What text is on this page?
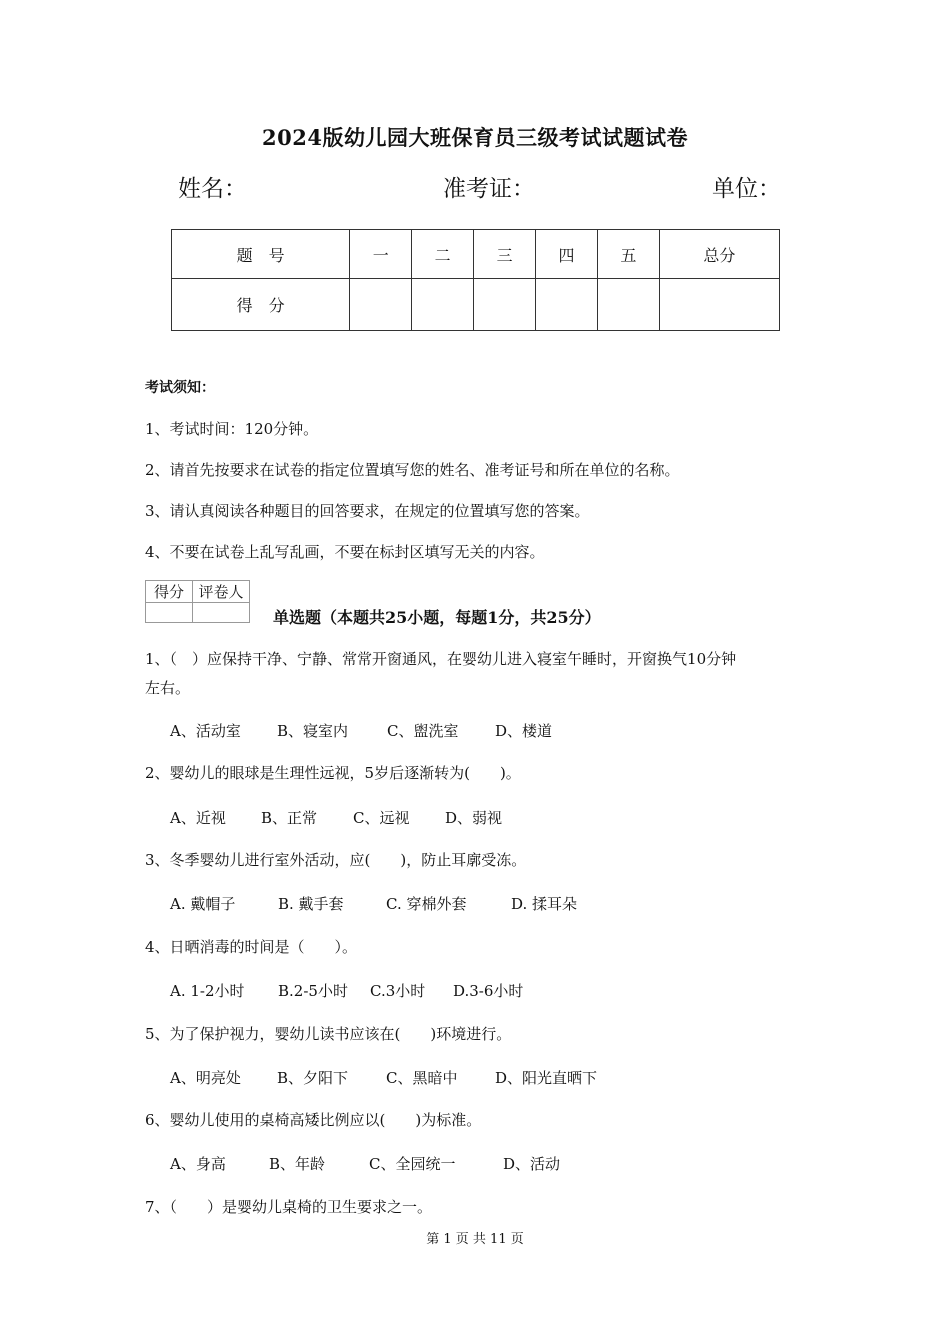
2024版幼儿园大班保育员三级考试试题试卷
姓名：	准考证：	单位：
题　号	一	二	三	四	五	总分
得　分						
考试须知：
1、考试时间：120分钟。
2、请首先按要求在试卷的指定位置填写您的姓名、准考证号和所在单位的名称。
3、请认真阅读各种题目的回答要求，在规定的位置填写您的答案。
4、不要在试卷上乱写乱画，不要在标封区填写无关的内容。
得分	评卷人

单选题（本题共25小题，每题1分，共25分）
1、（　）应保持干净、宁静、常常开窗通风，在婴幼儿进入寝室午睡时，开窗换气10分钟
左右。
A、活动室 B、寝室内	C、盥洗室 D、楼道
2、婴幼儿的眼球是生理性远视，5岁后逐渐转为(　　)。
A、近视 B、正常 C、远视 D、弱视
3、冬季婴幼儿进行室外活动，应(　　)，防止耳廓受冻。
A. 戴帽子	B. 戴手套	C. 穿棉外套	D. 揉耳朵
4、日晒消毒的时间是（　　）。
A. 1-2小时 B.2-5小时 C.3小时 D.3-6小时
5、为了保护视力，婴幼儿读书应该在(　　)环境进行。
A、明亮处 B、夕阳下	C、黑暗中	D、阳光直晒下
6、婴幼儿使用的桌椅高矮比例应以(　　)为标准。
A、身高	B、年龄	C、全园统一	D、活动
7、（　　）是婴幼儿桌椅的卫生要求之一。
第 1 页 共 11 页
